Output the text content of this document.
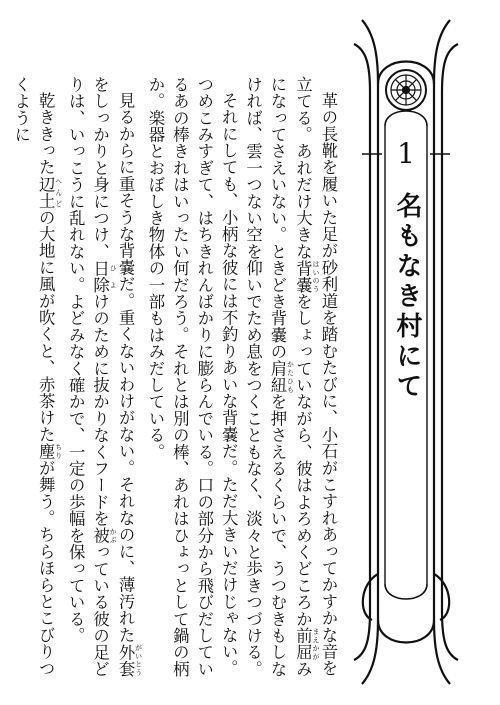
1
名もなき村にて

革の長靴を履いた足が砂利道を踏むたびに、小石がこすれあってかすかな音を立てる。あれだけ大きな背嚢 はいのうをしょっていながら、彼はよろめくどころか前屈 まえかがみになってさえいない。ときどき背嚢の肩紐 かたひもを押さえるくらいで、うつむきもしなければ、雲一つない空を仰いでため息をつくこともなく、淡々と歩きつづける。

それにしても、小柄な彼には不釣りあいな背嚢だ。ただ大きいだけじゃない。つめこみすぎて、はちきれんばかりに膨らんでいる。口の部分から飛びだしているあの棒きれはいったい何だろう。それとは別の棒、あれはひょっとして鍋の柄か。楽器とおぼしき物体の一部もはみだしている。

見るからに重そうな背嚢だ。重くないわけがない。それなのに、薄汚れた外套 がいとうをしっかりと身につけ、日除 ひよけのために抜かりなくフードを被 かぶっている彼の足どりは、いっこうに乱れない。よどみなく確かで、一定の歩幅を保っている。

乾ききった辺土 へんどの大地に風が吹くと、赤茶けた塵 ちりが舞う。ちらほらとこびりつくように
